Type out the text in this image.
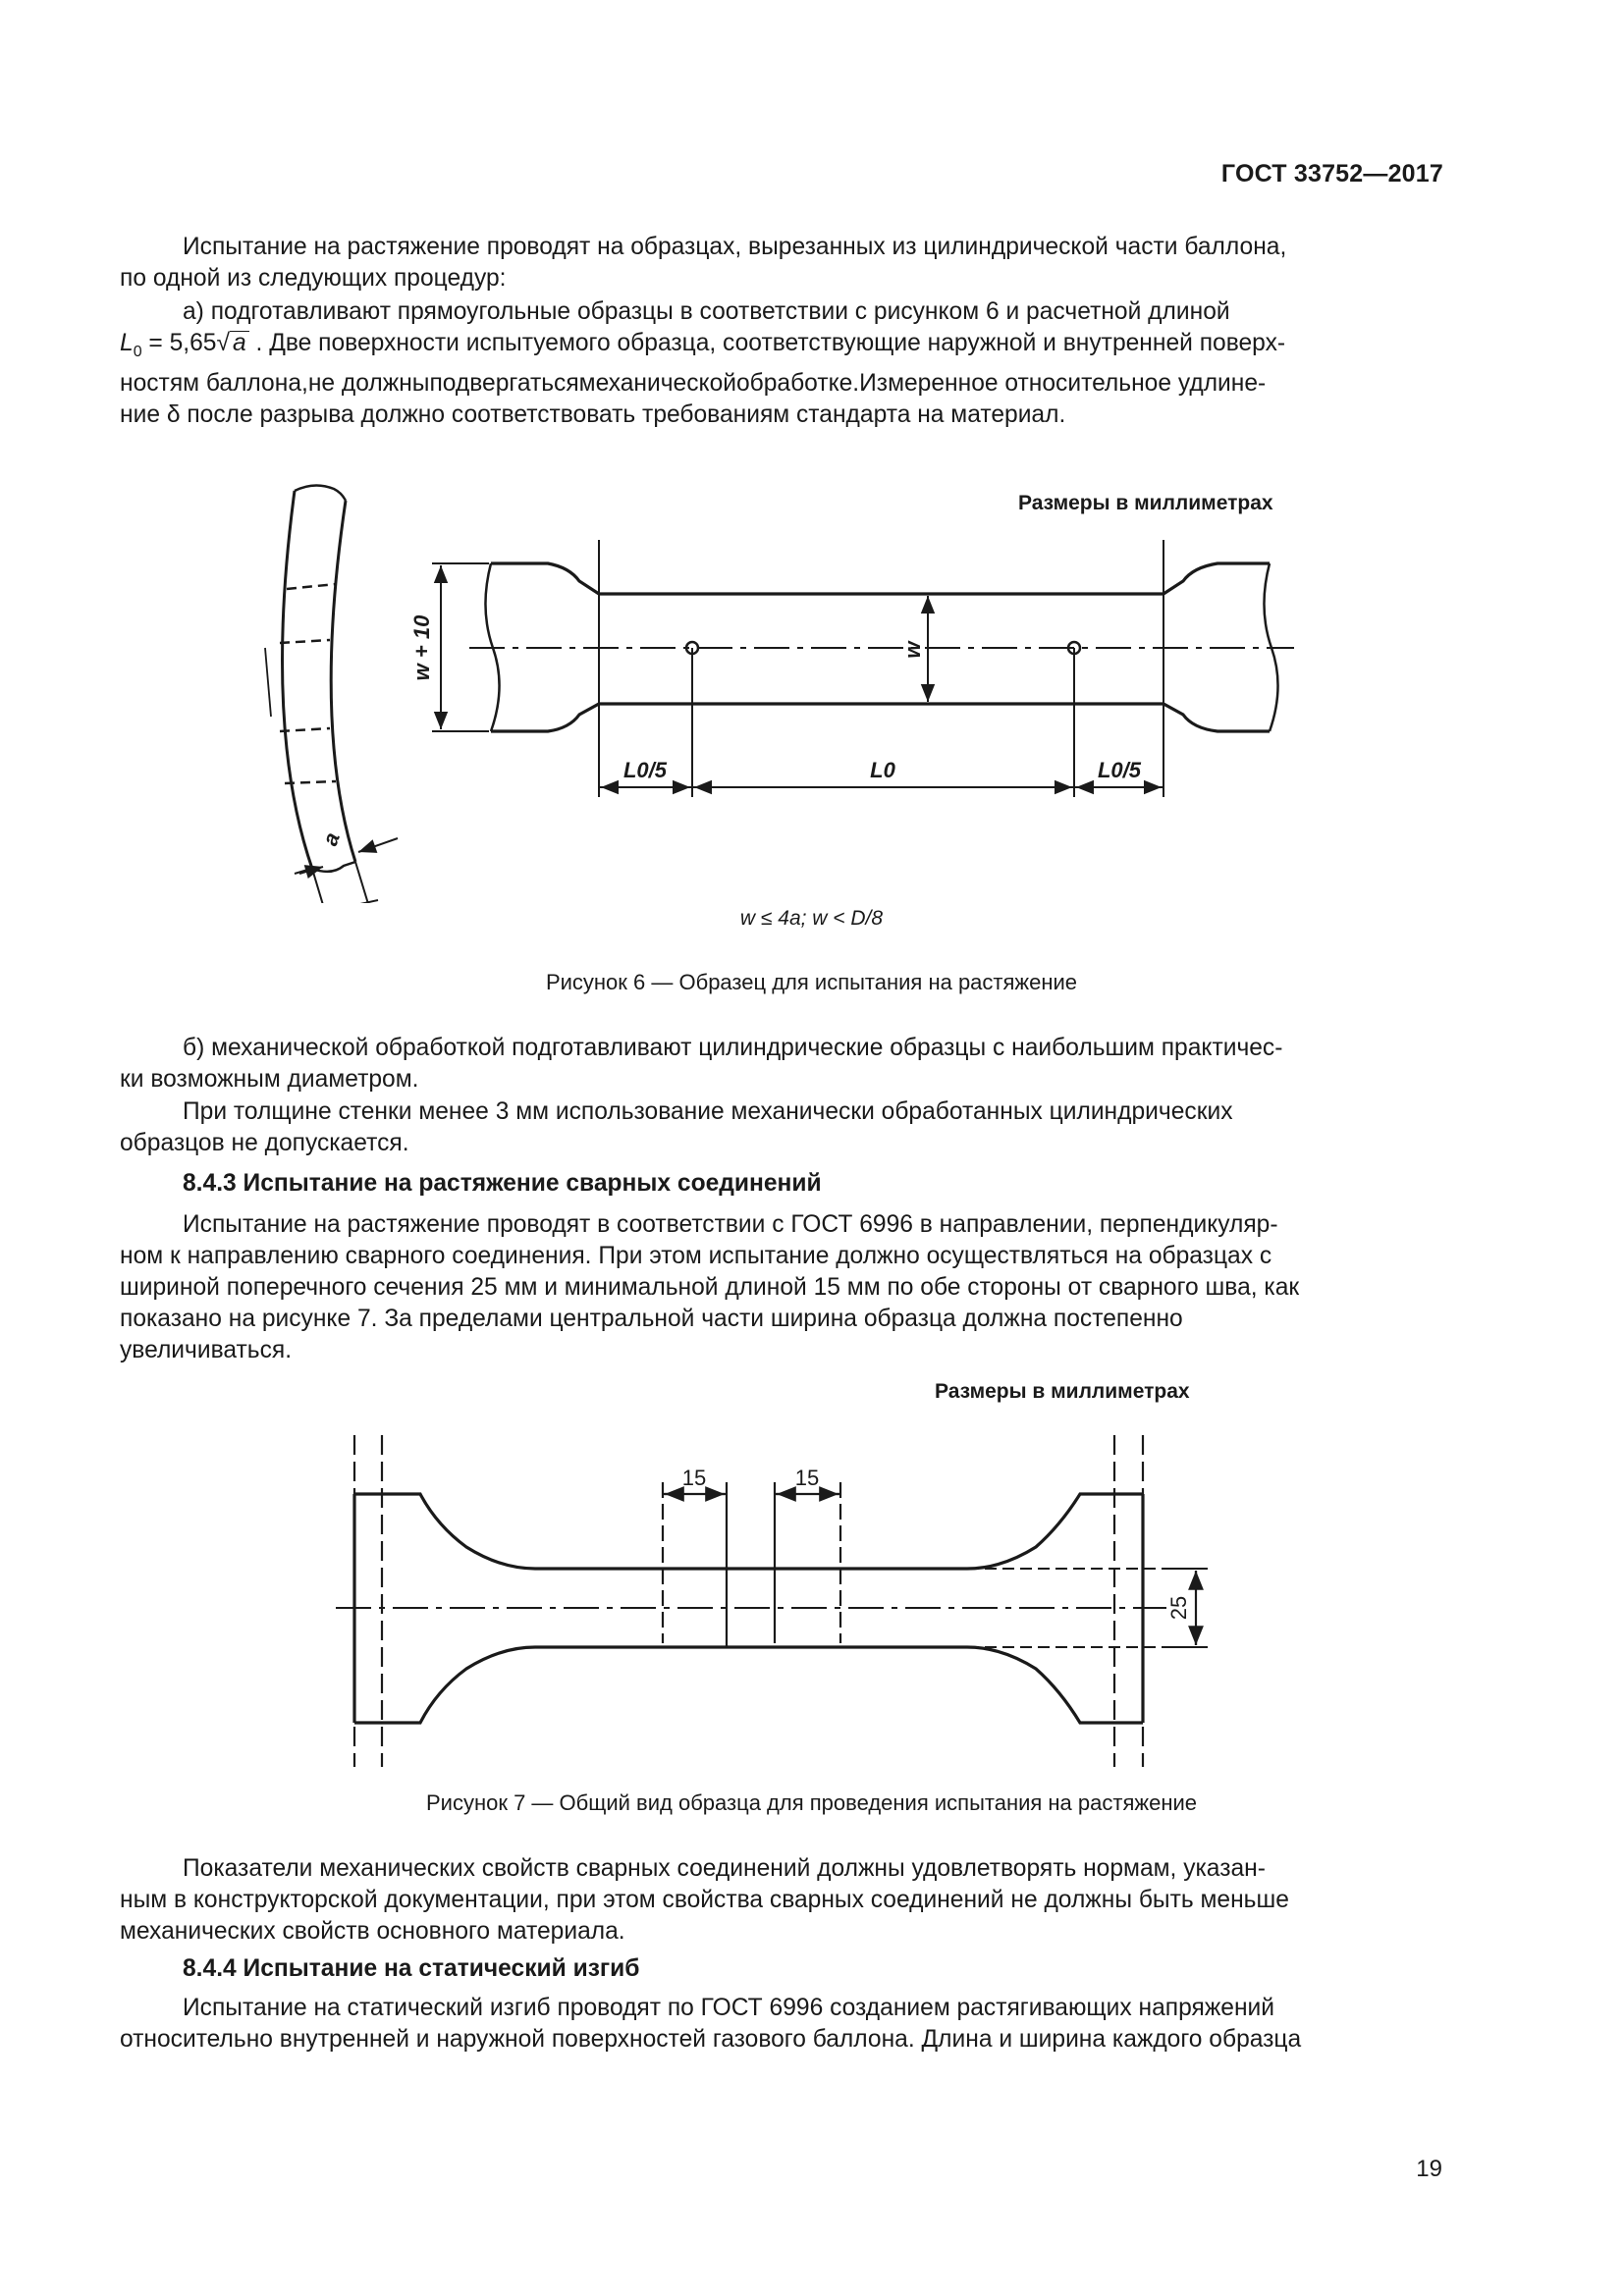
ГОСТ 33752—2017
Испытание на растяжение проводят на образцах, вырезанных из цилиндрической части баллона,
по одной из следующих процедур:
а) подготавливают прямоугольные образцы в соответствии с рисунком 6 и расчетной длиной
$L_0 = 5,65√$ a . Две поверхности испытуемого образца, соответствующие наружной и внутренней поверх-
ностям баллона,не должныподвергатьсямеханическойобработке.Измеренное относительное удлине-
ние δ после разрыва должно соответствовать требованиям стандарта на материал.
Размеры в миллиметрах
a
w + 10	w
L0/5	L0	L0/5
w ≤ 4a; w < D/8
Рисунок 6 — Образец для испытания на растяжение
б) механической обработкой подготавливают цилиндрические образцы с наибольшим практичес-
ки возможным диаметром.
При толщине стенки менее 3 мм использование механически обработанных цилиндрических
образцов не допускается.
8.4.3 Испытание на растяжение сварных соединений
Испытание на растяжение проводят в соответствии с ГОСТ 6996 в направлении, перпендикуляр-
ном к направлению сварного соединения. При этом испытание должно осуществляться на образцах с
шириной поперечного сечения 25 мм и минимальной длиной 15 мм по обе стороны от сварного шва, как
показано на рисунке 7. За пределами центральной части ширина образца должна постепенно
увеличиваться.
Размеры в миллиметрах
15	15
25
Рисунок 7 — Общий вид образца для проведения испытания на растяжение
Показатели механических свойств сварных соединений должны удовлетворять нормам, указан-
ным в конструкторской документации, при этом свойства сварных соединений не должны быть меньше
механических свойств основного материала.
8.4.4 Испытание на статический изгиб
Испытание на статический изгиб проводят по ГОСТ 6996 созданием растягивающих напряжений
относительно внутренней и наружной поверхностей газового баллона. Длина и ширина каждого образца
19
